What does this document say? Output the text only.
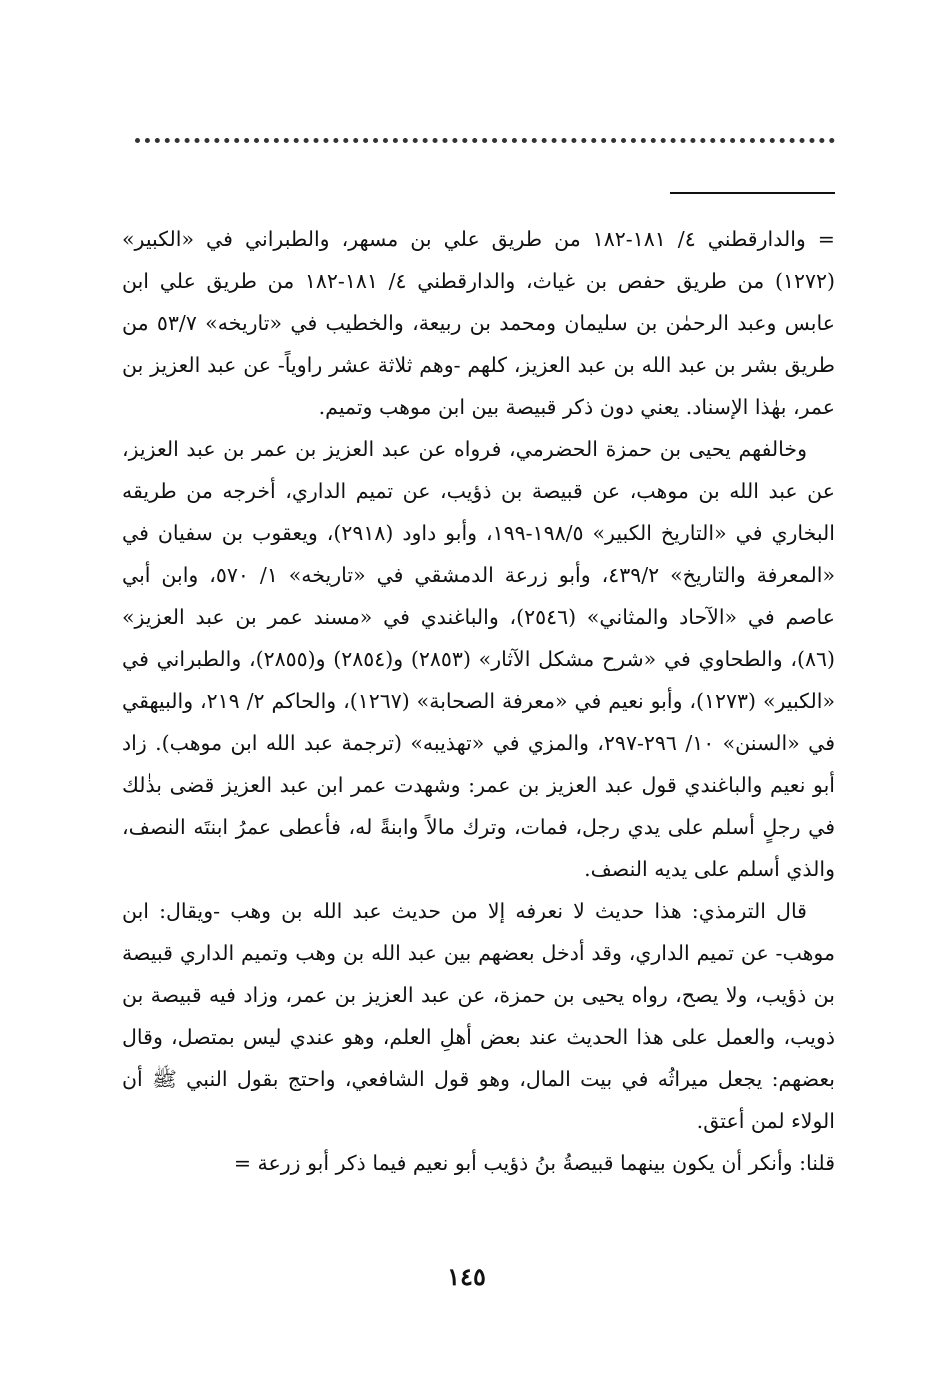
= والدارقطني ٤/ ١٨١-١٨٢ من طريق علي بن مسهر، والطبراني في «الكبير» (١٢٧٢) من طريق حفص بن غياث، والدارقطني ٤/ ١٨١-١٨٢ من طريق علي ابن عابس وعبد الرحمٰن بن سليمان ومحمد بن ربيعة، والخطيب في «تاريخه» ٥٣/٧ من طريق بشر بن عبد الله بن عبد العزيز، كلهم -وهم ثلاثة عشر راوياً- عن عبد العزيز بن عمر، بهٰذا الإسناد. يعني دون ذكر قبيصة بين ابن موهب وتميم.

وخالفهم يحيى بن حمزة الحضرمي، فرواه عن عبد العزيز بن عمر بن عبد العزيز، عن عبد الله بن موهب، عن قبيصة بن ذؤيب، عن تميم الداري، أخرجه من طريقه البخاري في «التاريخ الكبير» ١٩٨/٥-١٩٩، وأبو داود (٢٩١٨)، ويعقوب بن سفيان في «المعرفة والتاريخ» ٤٣٩/٢، وأبو زرعة الدمشقي في «تاريخه» ١/ ٥٧٠، وابن أبي عاصم في «الآحاد والمثاني» (٢٥٤٦)، والباغندي في «مسند عمر بن عبد العزيز» (٨٦)، والطحاوي في «شرح مشكل الآثار» (٢٨٥٣) و(٢٨٥٤) و(٢٨٥٥)، والطبراني في «الكبير» (١٢٧٣)، وأبو نعيم في «معرفة الصحابة» (١٢٦٧)، والحاكم ٢/ ٢١٩، والبيهقي في «السنن» ١٠/ ٢٩٦-٢٩٧، والمزي في «تهذيبه» (ترجمة عبد الله ابن موهب). زاد أبو نعيم والباغندي قول عبد العزيز بن عمر: وشهدت عمر ابن عبد العزيز قضى بذٰلك في رجلٍ أسلم على يدي رجل، فمات، وترك مالاً وابنةً له، فأعطى عمرُ ابنتَه النصف، والذي أسلم على يديه النصف.

قال الترمذي: هذا حديث لا نعرفه إلا من حديث عبد الله بن وهب -ويقال: ابن موهب- عن تميم الداري، وقد أدخل بعضهم بين عبد الله بن وهب وتميم الداري قبيصة بن ذؤيب، ولا يصح، رواه يحيى بن حمزة، عن عبد العزيز بن عمر، وزاد فيه قبيصة بن ذويب، والعمل على هذا الحديث عند بعض أهلِ العلم، وهو عندي ليس بمتصل، وقال بعضهم: يجعل ميراثُه في بيت المال، وهو قول الشافعي، واحتج بقول النبي ﷺ أن الولاء لمن أعتق.

قلنا: وأنكر أن يكون بينهما قبيصةُ بنُ ذؤيب أبو نعيم فيما ذكر أبو زرعة =

١٤٥
